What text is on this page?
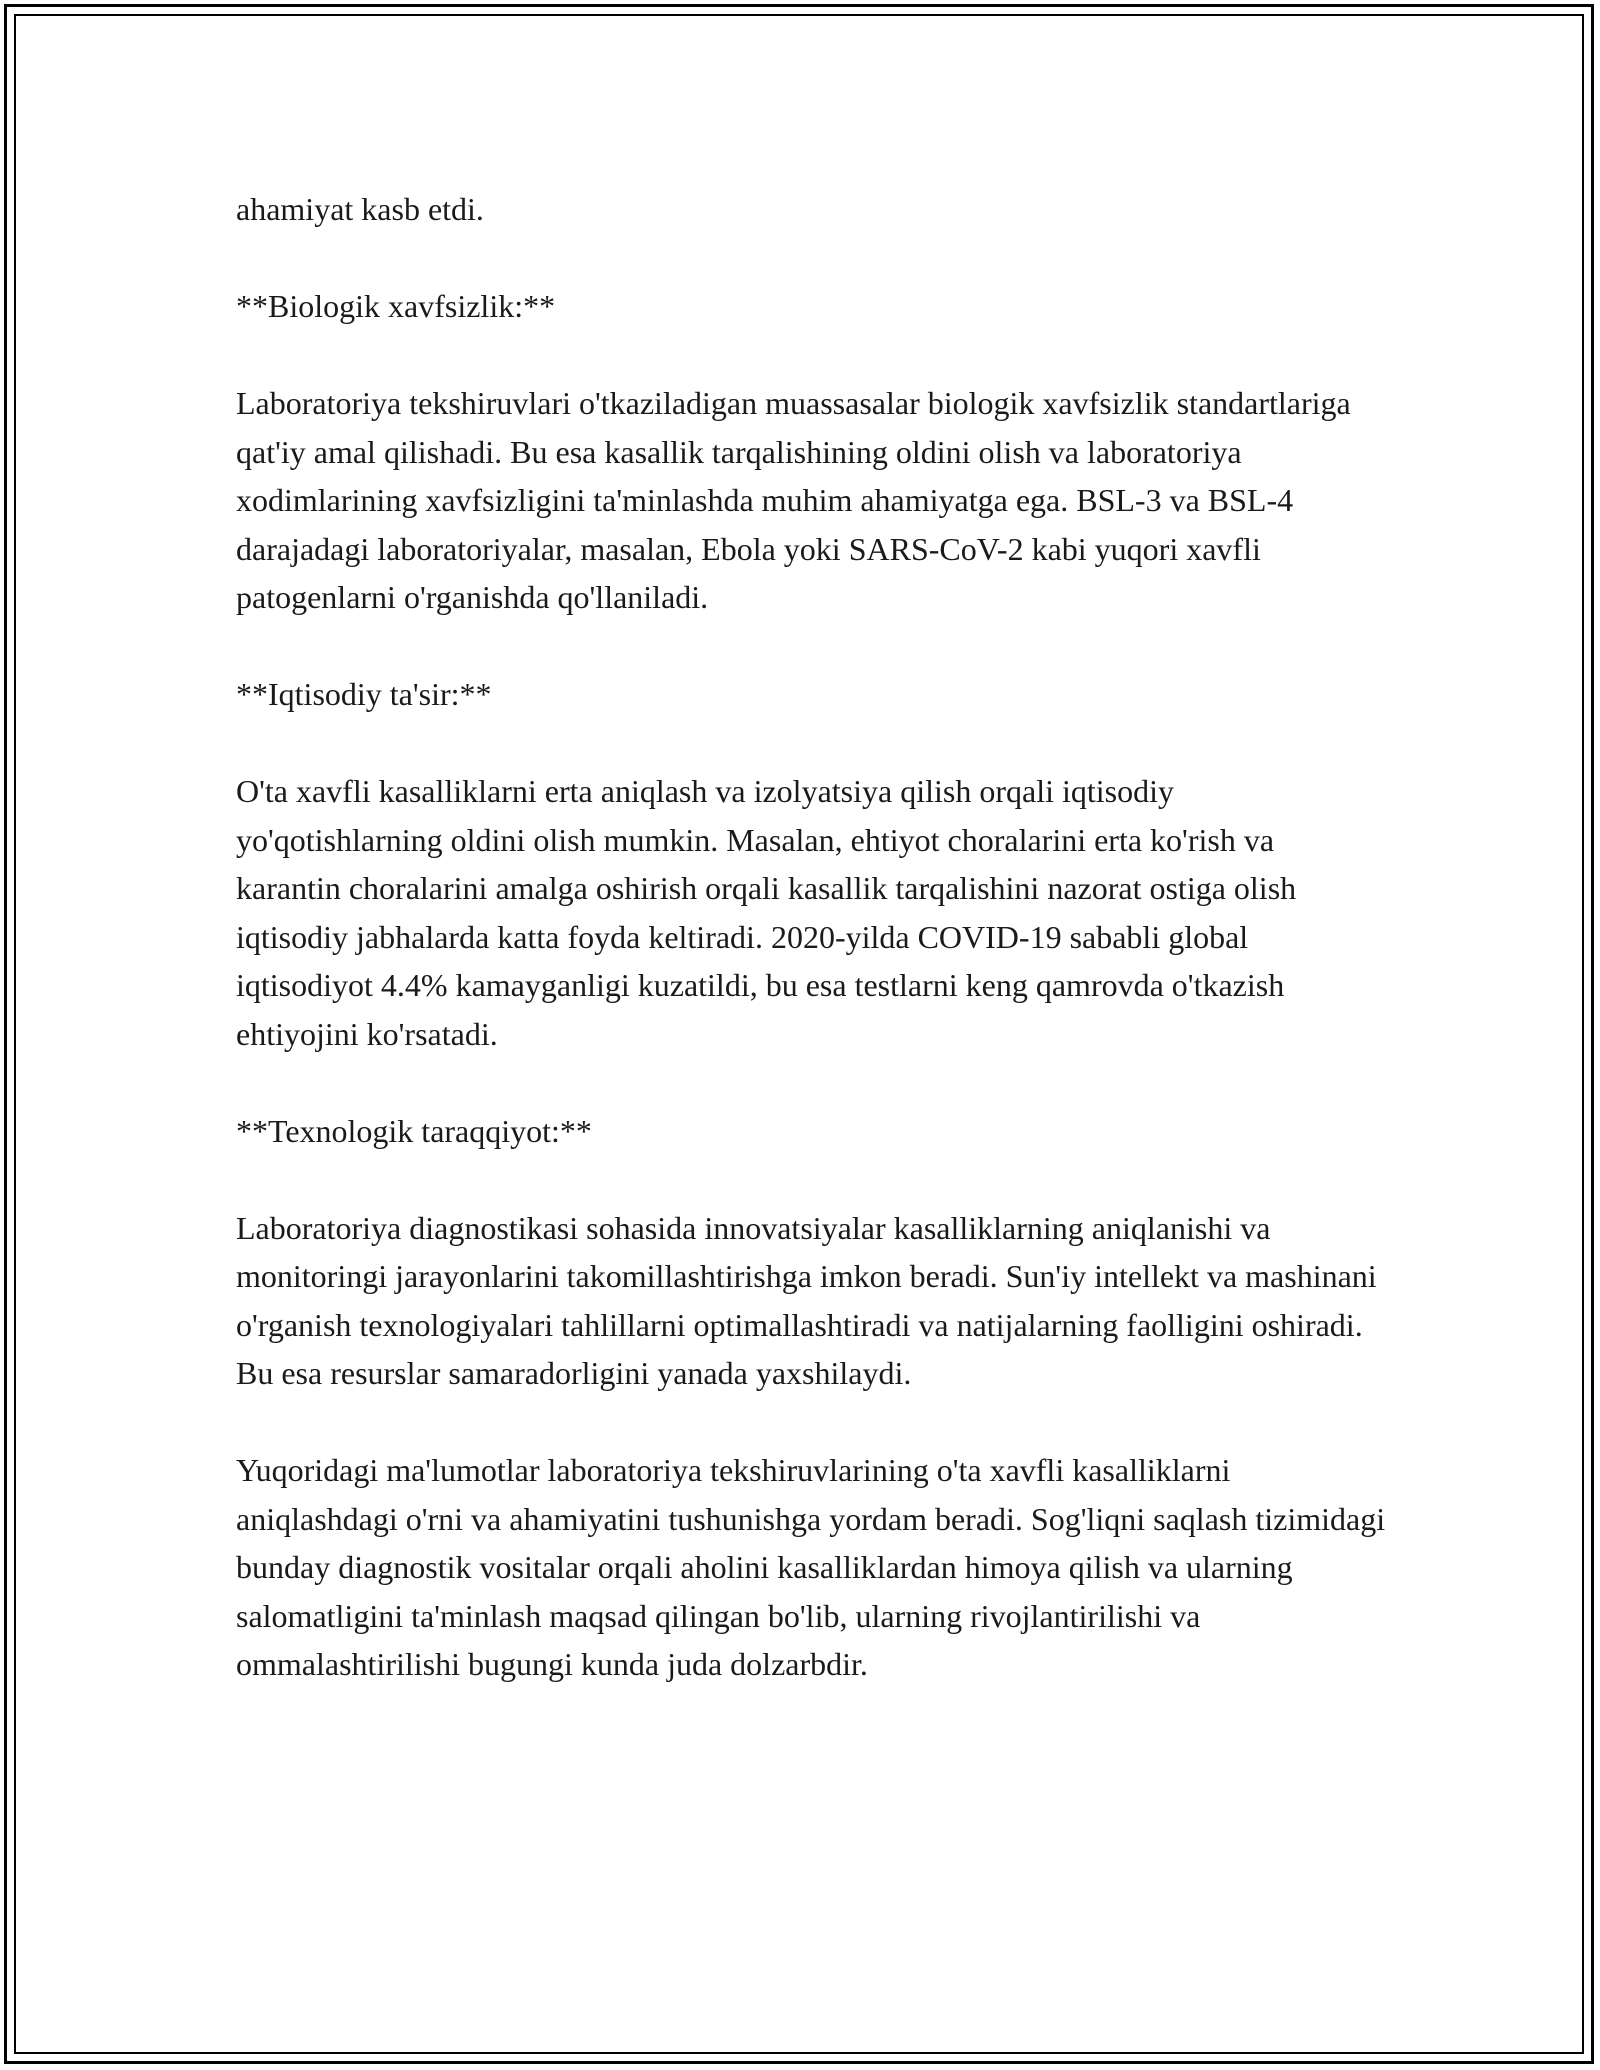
ahamiyat kasb etdi.

**Biologik xavfsizlik:**

Laboratoriya tekshiruvlari o'tkaziladigan muassasalar biologik xavfsizlik standartlariga qat'iy amal qilishadi. Bu esa kasallik tarqalishining oldini olish va laboratoriya xodimlarining xavfsizligini ta'minlashda muhim ahamiyatga ega. BSL-3 va BSL-4 darajadagi laboratoriyalar, masalan, Ebola yoki SARS-CoV-2 kabi yuqori xavfli patogenlarni o'rganishda qo'llaniladi.

**Iqtisodiy ta'sir:**

O'ta xavfli kasalliklarni erta aniqlash va izolyatsiya qilish orqali iqtisodiy yo'qotishlarning oldini olish mumkin. Masalan, ehtiyot choralarini erta ko'rish va karantin choralarini amalga oshirish orqali kasallik tarqalishini nazorat ostiga olish iqtisodiy jabhalarda katta foyda keltiradi. 2020-yilda COVID-19 sababli global iqtisodiyot 4.4% kamayganligi kuzatildi, bu esa testlarni keng qamrovda o'tkazish ehtiyojini ko'rsatadi.

**Texnologik taraqqiyot:**

Laboratoriya diagnostikasi sohasida innovatsiyalar kasalliklarning aniqlanishi va monitoringi jarayonlarini takomillashtirishga imkon beradi. Sun'iy intellekt va mashinani o'rganish texnologiyalari tahlillarni optimallashtiradi va natijalarning faolligini oshiradi. Bu esa resurslar samaradorligini yanada yaxshilaydi.

Yuqoridagi ma'lumotlar laboratoriya tekshiruvlarining o'ta xavfli kasalliklarni aniqlashdagi o'rni va ahamiyatini tushunishga yordam beradi. Sog'liqni saqlash tizimidagi bunday diagnostik vositalar orqali aholini kasalliklardan himoya qilish va ularning salomatligini ta'minlash maqsad qilingan bo'lib, ularning rivojlantirilishi va ommalashtirilishi bugungi kunda juda dolzarbdir.
